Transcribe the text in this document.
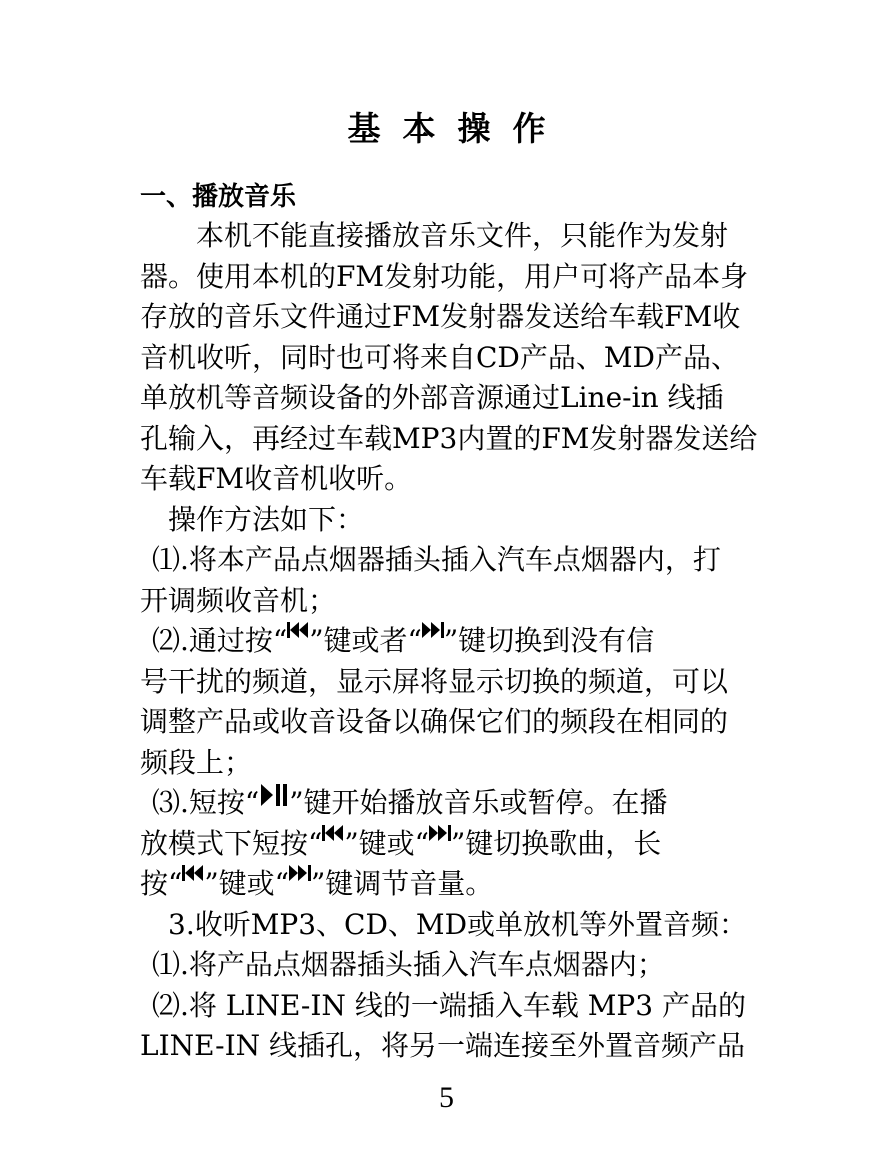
基本操作
一、播放音乐
本机不能直接播放音乐文件，只能作为发射
器。使用本机的FM发射功能，用户可将产品本身
存放的音乐文件通过FM发射器发送给车载FM收
音机收听，同时也可将来自CD产品、MD产品、
单放机等音频设备的外部音源通过Line-in 线插
孔输入，再经过车载MP3内置的FM发射器发送给
车载FM收音机收听。
操作方法如下：
⑴.将本产品点烟器插头插入汽车点烟器内，打
开调频收音机；
⑵.通过按“ ”键或者“ ”键切换到没有信
号干扰的频道，显示屏将显示切换的频道，可以
调整产品或收音设备以确保它们的频段在相同的
频段上；
⑶.短按“ ”键开始播放音乐或暂停。在播
放模式下短按“ ”键或“ ”键切换歌曲，长
按“ ”键或“ ”键调节音量。
3.收听MP3、CD、MD或单放机等外置音频：
⑴.将产品点烟器插头插入汽车点烟器内；
⑵.将 LINE-IN 线的一端插入车载 MP3 产品的
LINE-IN 线插孔，将另一端连接至外置音频产品
5
